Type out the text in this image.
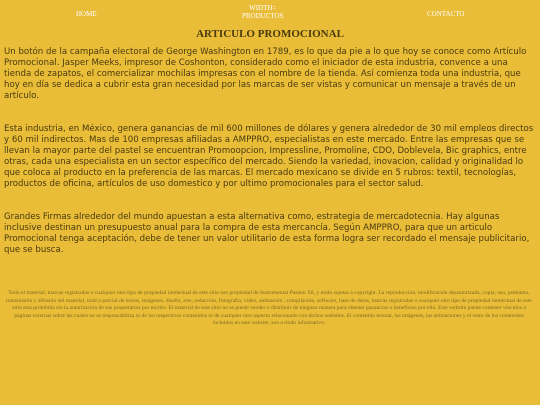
HOME
WIDTH=
PRODUCTOS	CONTACTO
ARTICULO PROMOCIONAL

Un botón de la campaña electoral de George Washington en 1789, es lo que da pie a lo que hoy se conoce como Artículo Promocional. Jasper Meeks, impresor de Coshonton, considerado como el iniciador de esta industria, convence a una tienda de zapatos, el comercializar mochilas impresas con el nombre de la tienda. Así comienza toda una industria, que hoy en día se dedica a cubrir esta gran necesidad por las marcas de ser vistas y comunicar un mensaje a través de un artículo.

Esta industria, en México, genera ganancias de mil 600 millones de dólares y genera alrededor de 30 mil empleos directos y 60 mil indirectos. Mas de 100 empresas afiliadas a AMPPRO, especialistas en este mercado. Entre las empresas que se llevan la mayor parte del pastel se encuentran Promoopcion, Impressline, Promoline, CDO, Doblevela, Bic graphics, entre otras, cada una especialista en un sector específico del mercado. Siendo la variedad, inovacion, calidad y originalidad lo que coloca al producto en la preferencia de las marcas. El mercado mexicano se divide en 5 rubros: textil, tecnologías, productos de oficina, artículos de uso domestico y por ultimo promocionales para el sector salud.

Grandes Firmas alrededor del mundo apuestan a esta alternativa como, estrategia de mercadotecnia. Hay algunas inclusive destinan un presupuesto anual para la compra de esta mercancía. Según AMPPRO, para que un articulo Promocional tenga aceptación, debe de tener un valor utilitario de esta forma logra ser recordado el mensaje publicitario, que se busca.

Todo el material, marcas registradas o cualquier otro tipo de propiedad intelectual de este sitio son propiedad de Instrumental Pasteur Sil, y están sujetas a copyright. La reproducción, modificación desautorizada, copia, uso, préstamo, transmisión y difusión del material, total o parcial de textos, imágenes, diseño, arte, redacción, fotografía, video, animación , compilación, software, base de datos, marcas registradas o cualquier otro tipo de propiedad intelectual de este sitio esta prohibida sin la autorización de sus propietarios por escrito. El material de este sitio no se puede vender o distribuir de ninguna manera para obtener ganancias o beneficios por ello. Este website puede contener vínculos a páginas externas sobre las cuales no se responsabiliza ni de los respectivos contenidos ni de cualquier otro aspecto relacionado con dichos websites. El contenido textual, las imágenes, las animaciones y el resto de los contenidos incluidos en este website, son a título informativo.
